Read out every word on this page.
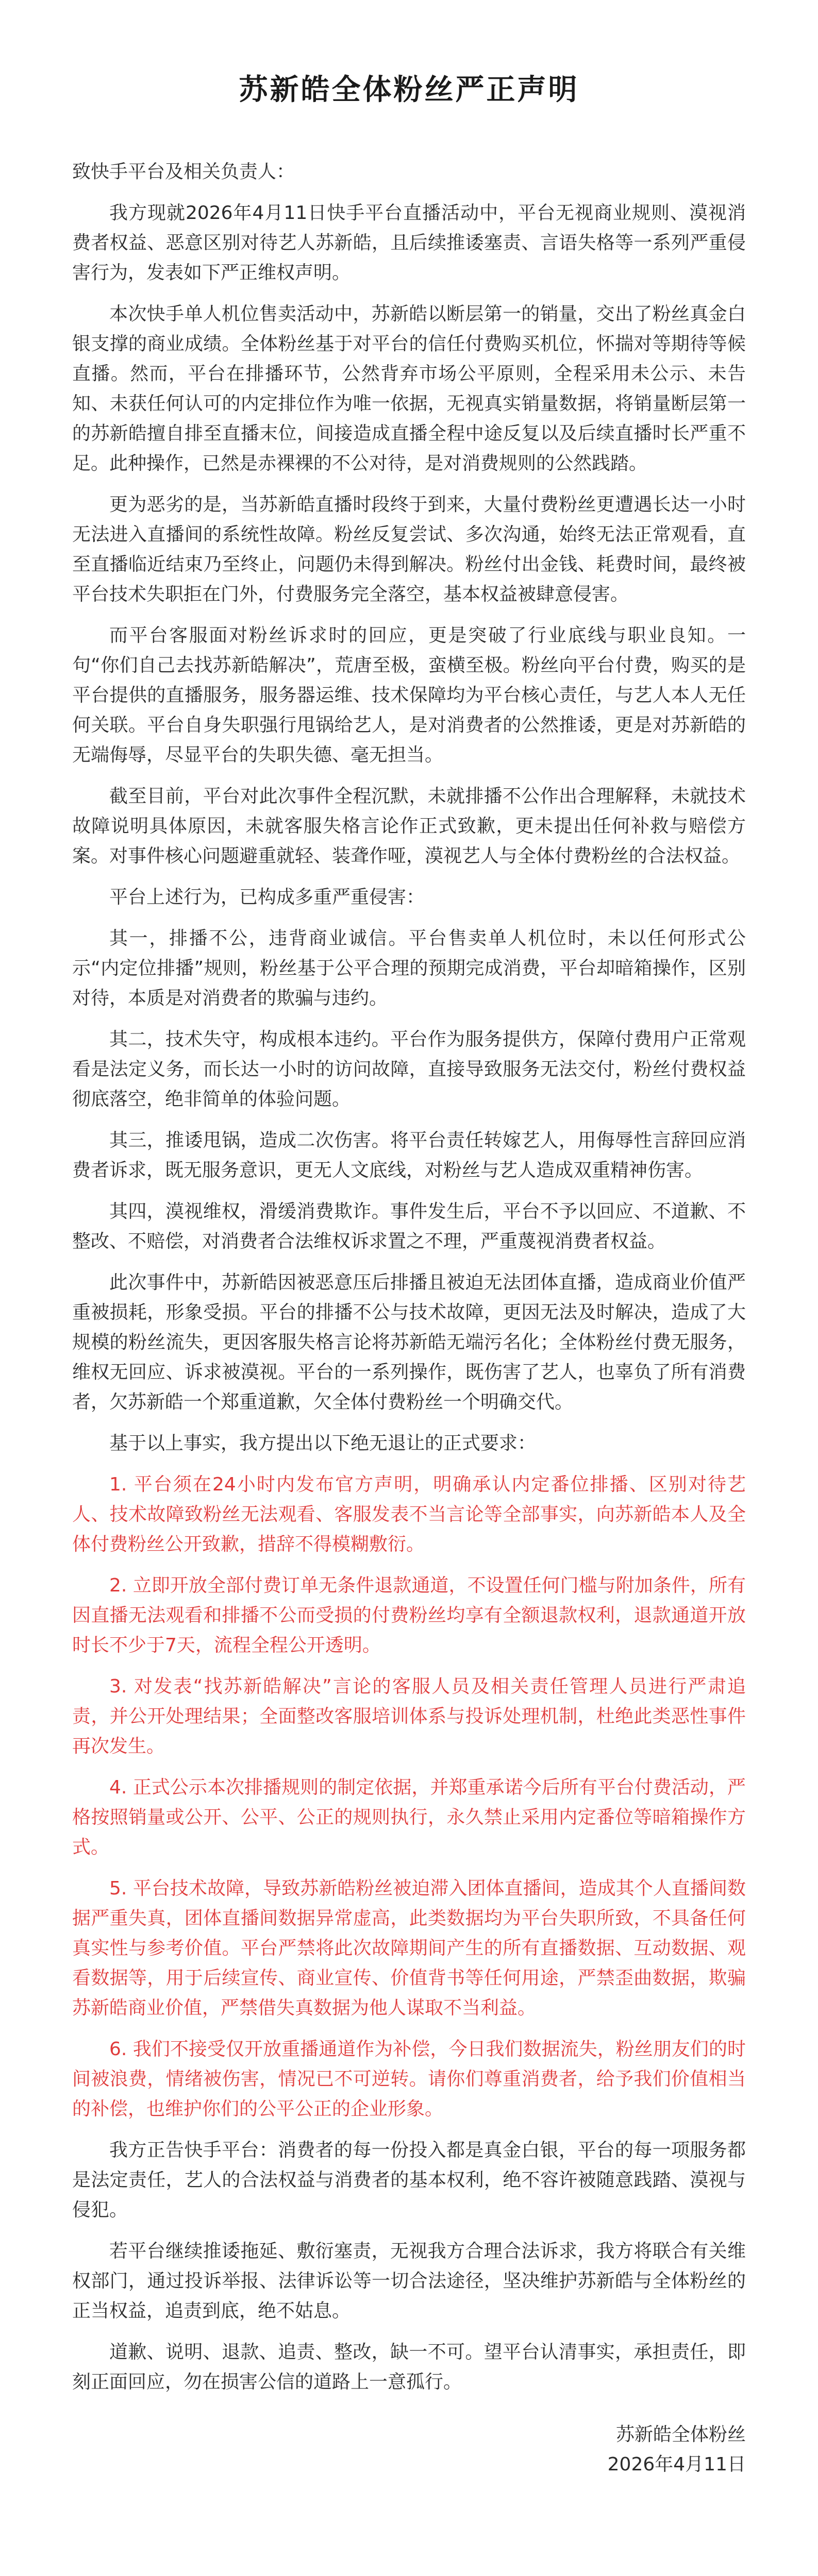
苏新皓全体粉丝严正声明

致快手平台及相关负责人：

我方现就2026年4月11日快手平台直播活动中，平台无视商业规则、漠视消费者权益、恶意区别对待艺人苏新皓，且后续推诿塞责、言语失格等一系列严重侵害行为，发表如下严正维权声明。

本次快手单人机位售卖活动中，苏新皓以断层第一的销量，交出了粉丝真金白银支撑的商业成绩。全体粉丝基于对平台的信任付费购买机位，怀揣对等期待等候直播。然而，平台在排播环节，公然背弃市场公平原则，全程采用未公示、未告知、未获任何认可的内定排位作为唯一依据，无视真实销量数据，将销量断层第一的苏新皓擅自排至直播末位，间接造成直播全程中途反复以及后续直播时长严重不足。此种操作，已然是赤裸裸的不公对待，是对消费规则的公然践踏。

更为恶劣的是，当苏新皓直播时段终于到来，大量付费粉丝更遭遇长达一小时无法进入直播间的系统性故障。粉丝反复尝试、多次沟通，始终无法正常观看，直至直播临近结束乃至终止，问题仍未得到解决。粉丝付出金钱、耗费时间，最终被平台技术失职拒在门外，付费服务完全落空，基本权益被肆意侵害。

而平台客服面对粉丝诉求时的回应，更是突破了行业底线与职业良知。一句“你们自己去找苏新皓解决”，荒唐至极，蛮横至极。粉丝向平台付费，购买的是平台提供的直播服务，服务器运维、技术保障均为平台核心责任，与艺人本人无任何关联。平台自身失职强行甩锅给艺人，是对消费者的公然推诿，更是对苏新皓的无端侮辱，尽显平台的失职失德、毫无担当。

截至目前，平台对此次事件全程沉默，未就排播不公作出合理解释，未就技术故障说明具体原因，未就客服失格言论作正式致歉，更未提出任何补救与赔偿方案。对事件核心问题避重就轻、装聋作哑，漠视艺人与全体付费粉丝的合法权益。

平台上述行为，已构成多重严重侵害：

其一，排播不公，违背商业诚信。平台售卖单人机位时，未以任何形式公示“内定位排播”规则，粉丝基于公平合理的预期完成消费，平台却暗箱操作，区别对待，本质是对消费者的欺骗与违约。

其二，技术失守，构成根本违约。平台作为服务提供方，保障付费用户正常观看是法定义务，而长达一小时的访问故障，直接导致服务无法交付，粉丝付费权益彻底落空，绝非简单的体验问题。

其三，推诿甩锅，造成二次伤害。将平台责任转嫁艺人，用侮辱性言辞回应消费者诉求，既无服务意识，更无人文底线，对粉丝与艺人造成双重精神伤害。

其四，漠视维权，滑缓消费欺诈。事件发生后，平台不予以回应、不道歉、不整改、不赔偿，对消费者合法维权诉求置之不理，严重蔑视消费者权益。

此次事件中，苏新皓因被恶意压后排播且被迫无法团体直播，造成商业价值严重被损耗，形象受损。平台的排播不公与技术故障，更因无法及时解决，造成了大规模的粉丝流失，更因客服失格言论将苏新皓无端污名化；全体粉丝付费无服务，维权无回应、诉求被漠视。平台的一系列操作，既伤害了艺人，也辜负了所有消费者，欠苏新皓一个郑重道歉，欠全体付费粉丝一个明确交代。

基于以上事实，我方提出以下绝无退让的正式要求：

1. 平台须在24小时内发布官方声明，明确承认内定番位排播、区别对待艺人、技术故障致粉丝无法观看、客服发表不当言论等全部事实，向苏新皓本人及全体付费粉丝公开致歉，措辞不得模糊敷衍。

2. 立即开放全部付费订单无条件退款通道，不设置任何门槛与附加条件，所有因直播无法观看和排播不公而受损的付费粉丝均享有全额退款权利，退款通道开放时长不少于7天，流程全程公开透明。

3. 对发表“找苏新皓解决”言论的客服人员及相关责任管理人员进行严肃追责，并公开处理结果；全面整改客服培训体系与投诉处理机制，杜绝此类恶性事件再次发生。

4. 正式公示本次排播规则的制定依据，并郑重承诺今后所有平台付费活动，严格按照销量或公开、公平、公正的规则执行，永久禁止采用内定番位等暗箱操作方式。

5. 平台技术故障，导致苏新皓粉丝被迫滞入团体直播间，造成其个人直播间数据严重失真，团体直播间数据异常虚高，此类数据均为平台失职所致，不具备任何真实性与参考价值。平台严禁将此次故障期间产生的所有直播数据、互动数据、观看数据等，用于后续宣传、商业宣传、价值背书等任何用途，严禁歪曲数据，欺骗苏新皓商业价值，严禁借失真数据为他人谋取不当利益。

6. 我们不接受仅开放重播通道作为补偿，今日我们数据流失，粉丝朋友们的时间被浪费，情绪被伤害，情况已不可逆转。请你们尊重消费者，给予我们价值相当的补偿，也维护你们的公平公正的企业形象。

我方正告快手平台：消费者的每一份投入都是真金白银，平台的每一项服务都是法定责任，艺人的合法权益与消费者的基本权利，绝不容许被随意践踏、漠视与侵犯。

若平台继续推诿拖延、敷衍塞责，无视我方合理合法诉求，我方将联合有关维权部门，通过投诉举报、法律诉讼等一切合法途径，坚决维护苏新皓与全体粉丝的正当权益，追责到底，绝不姑息。

道歉、说明、退款、追责、整改，缺一不可。望平台认清事实，承担责任，即刻正面回应，勿在损害公信的道路上一意孤行。

苏新皓全体粉丝
2026年4月11日
